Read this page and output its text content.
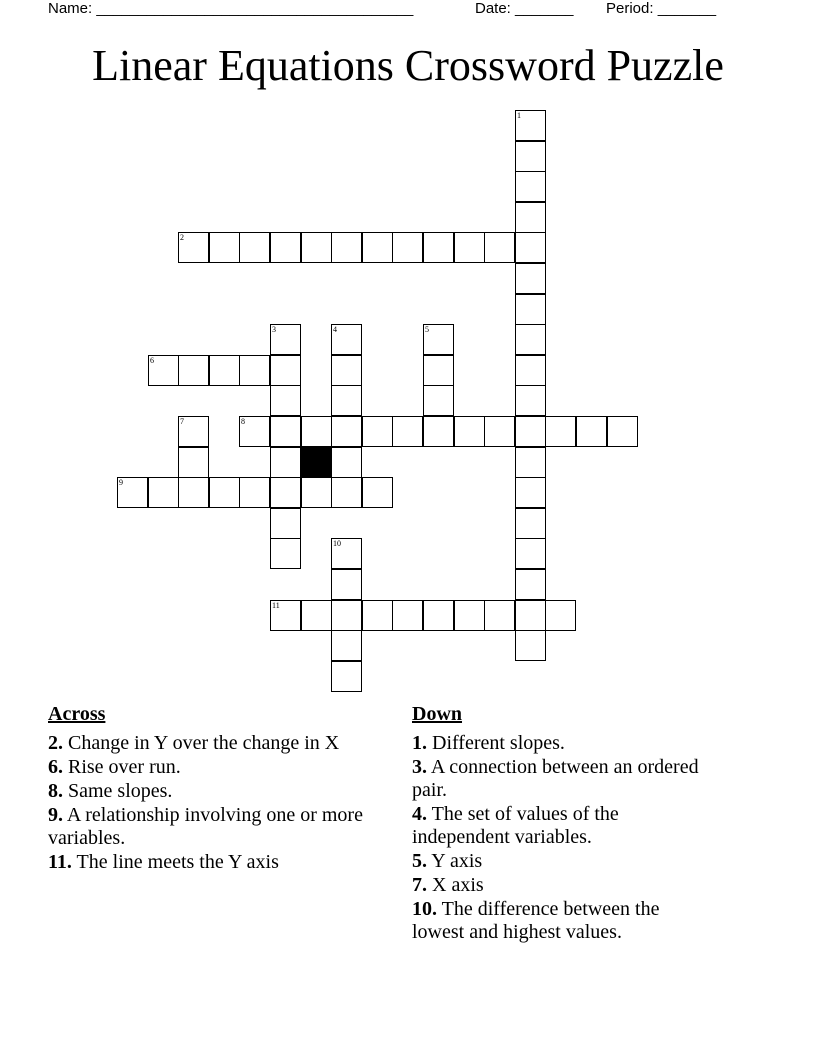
Name: ______________________________________	Date: _______ Period: _______
Linear Equations Crossword Puzzle
1
2
3	4	5
6
7	8
9
10
11
Across
2. Change in Y over the change in X
6. Rise over run.
8. Same slopes.
9. A relationship involving one or more variables.
11. The line meets the Y axis
Down
1. Different slopes.
3. A connection between an ordered pair.
4. The set of values of the independent variables.
5. Y axis
7. X axis
10. The difference between the lowest and highest values.
